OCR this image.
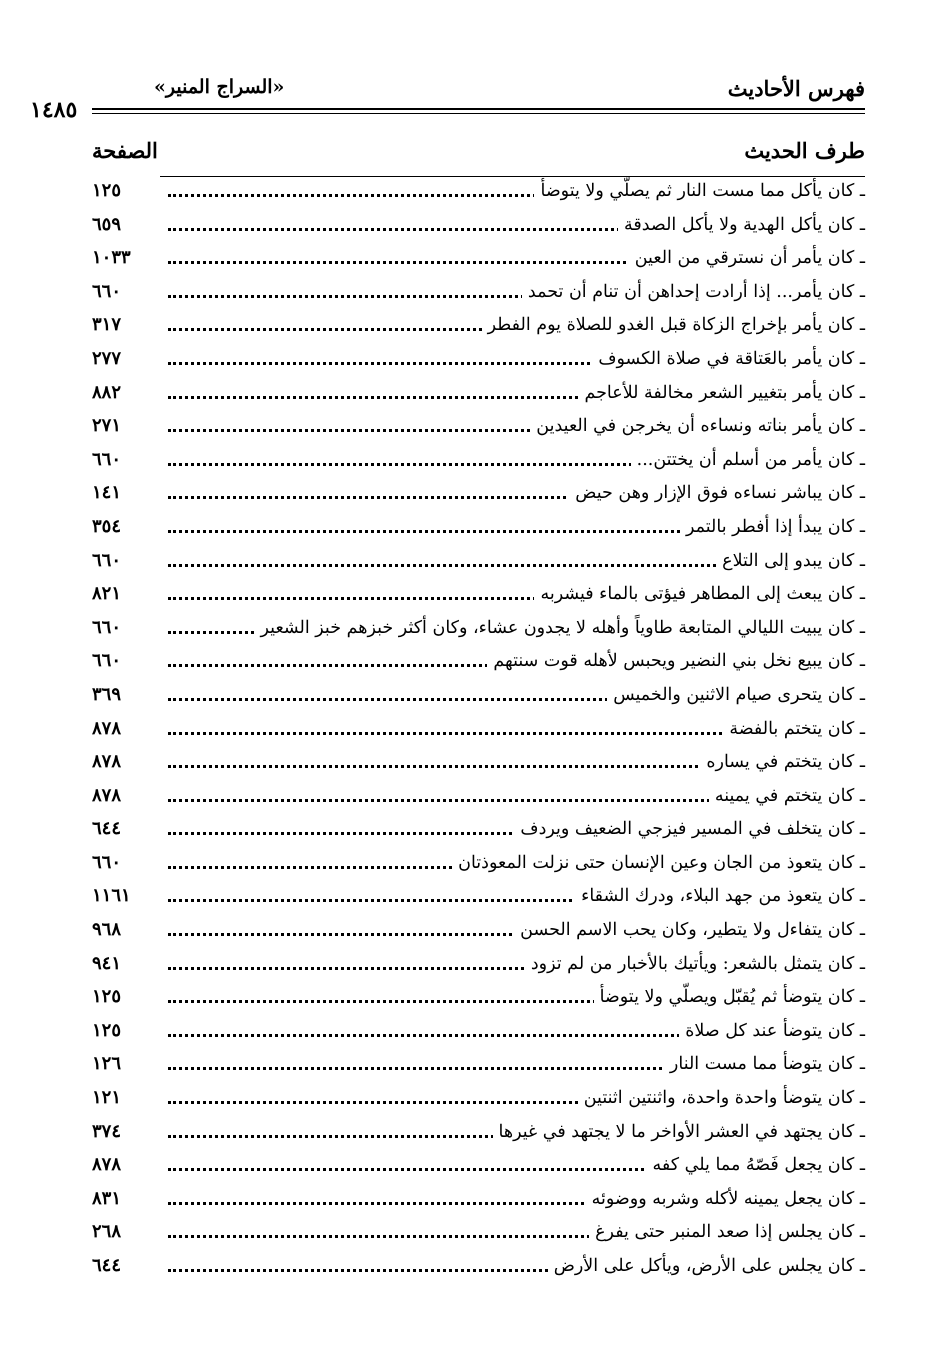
فهرس الأحاديث
«السراج المنير»
١٤٨٥
طرف الحديث
الصفحة
ـ كان يأكل مما مست النار ثم يصلّي ولا يتوضأ
١٢٥
ـ كان يأكل الهدية ولا يأكل الصدقة
٦٥٩
ـ كان يأمر أن نسترقي من العين
١٠٣٣
ـ كان يأمر... إذا أرادت إحداهن أن تنام أن تحمد
٦٦٠
ـ كان يأمر بإخراج الزكاة قبل الغدو للصلاة يوم الفطر
٣١٧
ـ كان يأمر بالعَتاقة في صلاة الكسوف
٢٧٧
ـ كان يأمر بتغيير الشعر مخالفة للأعاجم
٨٨٢
ـ كان يأمر بناته ونساءه أن يخرجن في العيدين
٢٧١
ـ كان يأمر من أسلم أن يختتن...
٦٦٠
ـ كان يباشر نساءه فوق الإزار وهن حيض
١٤١
ـ كان يبدأ إذا أفطر بالتمر
٣٥٤
ـ كان يبدو إلى التلاع
٦٦٠
ـ كان يبعث إلى المطاهر فيؤتى بالماء فيشربه
٨٢١
ـ كان يبيت الليالي المتابعة طاوياً وأهله لا يجدون عشاء، وكان أكثر خبزهم خبز الشعير
٦٦٠
ـ كان يبيع نخل بني النضير ويحبس لأهله قوت سنتهم
٦٦٠
ـ كان يتحرى صيام الاثنين والخميس
٣٦٩
ـ كان يتختم بالفضة
٨٧٨
ـ كان يتختم في يساره
٨٧٨
ـ كان يتختم في يمينه
٨٧٨
ـ كان يتخلف في المسير فيزجي الضعيف ويردف
٦٤٤
ـ كان يتعوذ من الجان وعين الإنسان حتى نزلت المعوذتان
٦٦٠
ـ كان يتعوذ من جهد البلاء، ودرك الشقاء
١١٦١
ـ كان يتفاءل ولا يتطير، وكان يحب الاسم الحسن
٩٦٨
ـ كان يتمثل بالشعر: ويأتيك بالأخبار من لم تزود
٩٤١
ـ كان يتوضأ ثم يُقبّل ويصلّي ولا يتوضأ
١٢٥
ـ كان يتوضأ عند كل صلاة
١٢٥
ـ كان يتوضأ مما مست النار
١٢٦
ـ كان يتوضأ واحدة واحدة، واثنتين اثنتين
١٢١
ـ كان يجتهد في العشر الأواخر ما لا يجتهد في غيرها
٣٧٤
ـ كان يجعل فَصّهُ مما يلي كفه
٨٧٨
ـ كان يجعل يمينه لأكله وشربه ووضوئه
٨٣١
ـ كان يجلس إذا صعد المنبر حتى يفرغ
٢٦٨
ـ كان يجلس على الأرض، ويأكل على الأرض
٦٤٤
